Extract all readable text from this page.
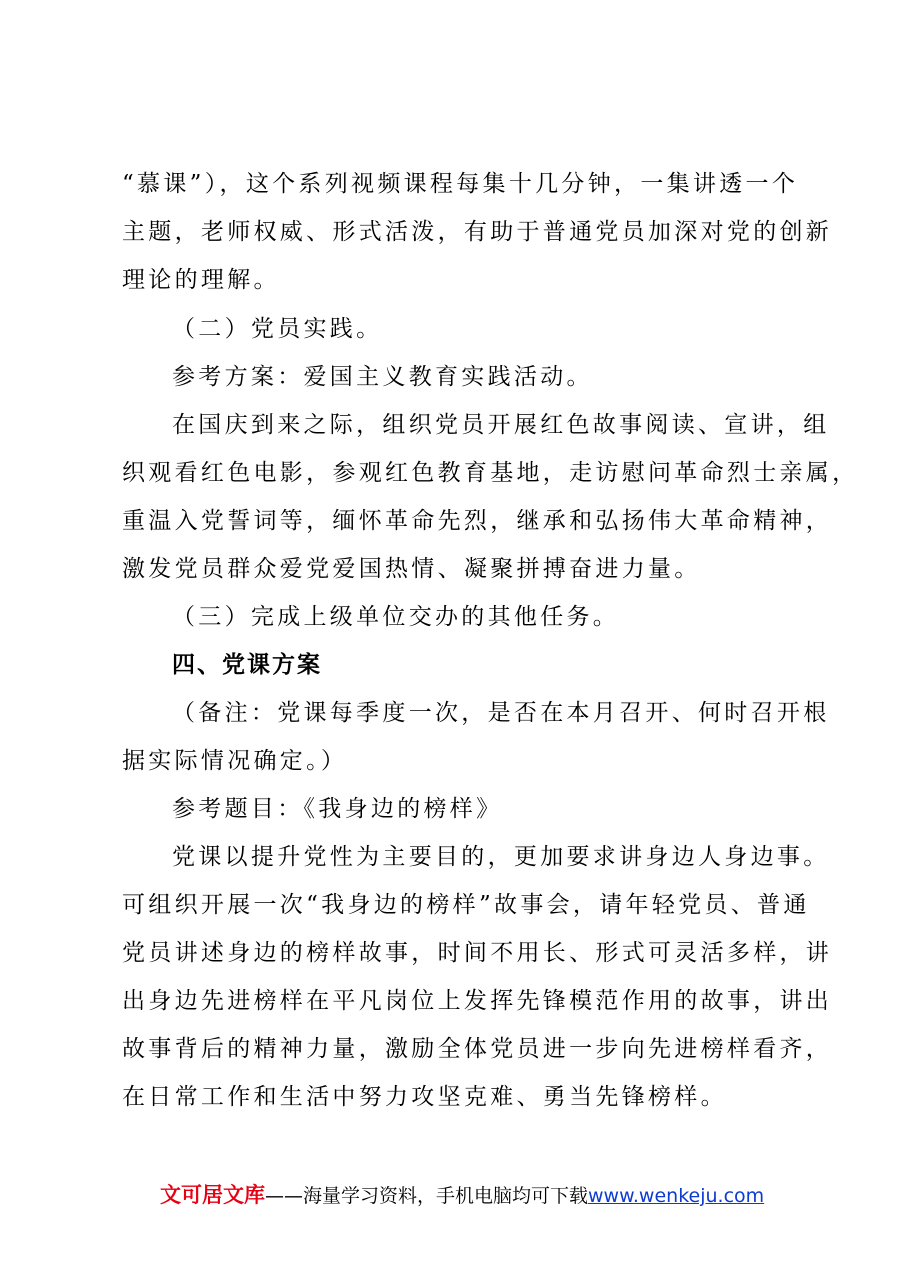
“慕课”），这个系列视频课程每集十几分钟，一集讲透一个
主题，老师权威、形式活泼，有助于普通党员加深对党的创新
理论的理解。
（二）党员实践。
参考方案：爱国主义教育实践活动。
在国庆到来之际，组织党员开展红色故事阅读、宣讲，组
织观看红色电影，参观红色教育基地，走访慰问革命烈士亲属，
重温入党誓词等，缅怀革命先烈，继承和弘扬伟大革命精神，
激发党员群众爱党爱国热情、凝聚拼搏奋进力量。
（三）完成上级单位交办的其他任务。
四、党课方案
（备注：党课每季度一次，是否在本月召开、何时召开根
据实际情况确定。）
参考题目：《我身边的榜样》
党课以提升党性为主要目的，更加要求讲身边人身边事。
可组织开展一次“我身边的榜样”故事会，请年轻党员、普通
党员讲述身边的榜样故事，时间不用长、形式可灵活多样，讲
出身边先进榜样在平凡岗位上发挥先锋模范作用的故事，讲出
故事背后的精神力量，激励全体党员进一步向先进榜样看齐，
在日常工作和生活中努力攻坚克难、勇当先锋榜样。
文可居文库——海量学习资料，手机电脑均可下载www.wenkeju.com
